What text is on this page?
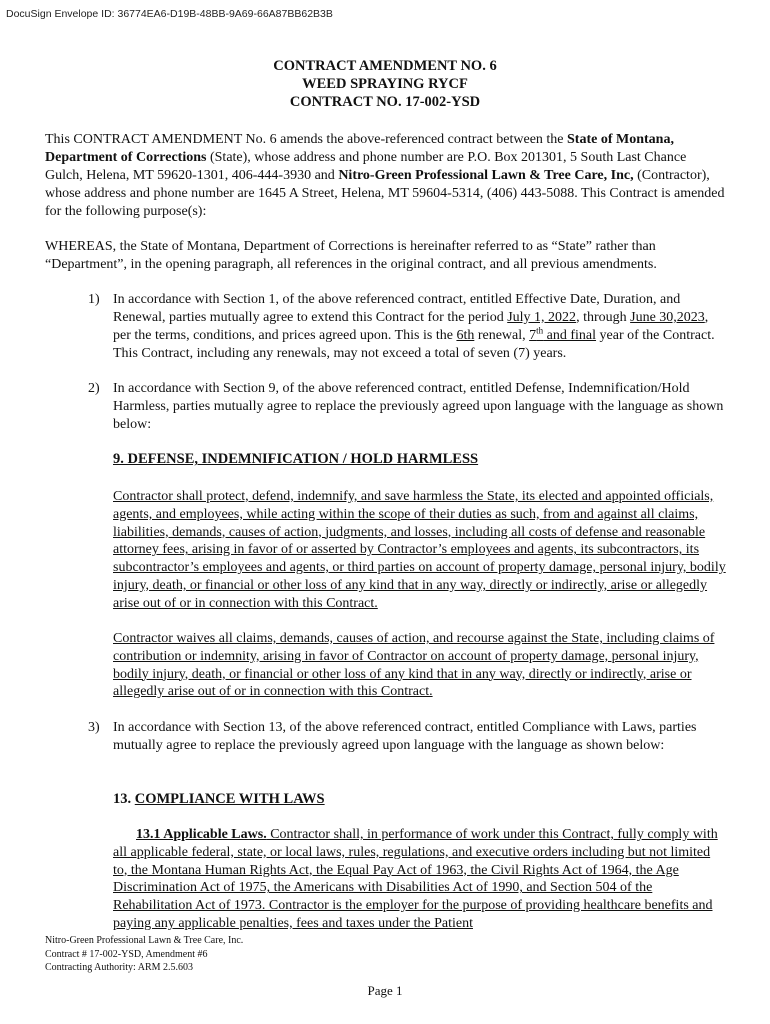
DocuSign Envelope ID: 36774EA6-D19B-48BB-9A69-66A87BB62B3B
CONTRACT AMENDMENT NO. 6
WEED SPRAYING RYCF
CONTRACT NO. 17-002-YSD
This CONTRACT AMENDMENT No. 6 amends the above-referenced contract between the State of Montana, Department of Corrections (State), whose address and phone number are P.O. Box 201301, 5 South Last Chance Gulch, Helena, MT 59620-1301, 406-444-3930 and Nitro-Green Professional Lawn & Tree Care, Inc, (Contractor), whose address and phone number are 1645 A Street, Helena, MT 59604-5314, (406) 443-5088. This Contract is amended for the following purpose(s):
WHEREAS, the State of Montana, Department of Corrections is hereinafter referred to as “State” rather than “Department”, in the opening paragraph, all references in the original contract, and all previous amendments.
1) In accordance with Section 1, of the above referenced contract, entitled Effective Date, Duration, and Renewal, parties mutually agree to extend this Contract for the period July 1, 2022, through June 30,2023, per the terms, conditions, and prices agreed upon. This is the 6th renewal, 7th and final year of the Contract. This Contract, including any renewals, may not exceed a total of seven (7) years.
2) In accordance with Section 9, of the above referenced contract, entitled Defense, Indemnification/Hold Harmless, parties mutually agree to replace the previously agreed upon language with the language as shown below:
9. DEFENSE, INDEMNIFICATION / HOLD HARMLESS
Contractor shall protect, defend, indemnify, and save harmless the State, its elected and appointed officials, agents, and employees, while acting within the scope of their duties as such, from and against all claims, liabilities, demands, causes of action, judgments, and losses, including all costs of defense and reasonable attorney fees, arising in favor of or asserted by Contractor’s employees and agents, its subcontractors, its subcontractor’s employees and agents, or third parties on account of property damage, personal injury, bodily injury, death, or financial or other loss of any kind that in any way, directly or indirectly, arise or allegedly arise out of or in connection with this Contract.
Contractor waives all claims, demands, causes of action, and recourse against the State, including claims of contribution or indemnity, arising in favor of Contractor on account of property damage, personal injury, bodily injury, death, or financial or other loss of any kind that in any way, directly or indirectly, arise or allegedly arise out of or in connection with this Contract.
3) In accordance with Section 13, of the above referenced contract, entitled Compliance with Laws, parties mutually agree to replace the previously agreed upon language with the language as shown below:
13. COMPLIANCE WITH LAWS
13.1 Applicable Laws. Contractor shall, in performance of work under this Contract, fully comply with all applicable federal, state, or local laws, rules, regulations, and executive orders including but not limited to, the Montana Human Rights Act, the Equal Pay Act of 1963, the Civil Rights Act of 1964, the Age Discrimination Act of 1975, the Americans with Disabilities Act of 1990, and Section 504 of the Rehabilitation Act of 1973. Contractor is the employer for the purpose of providing healthcare benefits and paying any applicable penalties, fees and taxes under the Patient
Nitro-Green Professional Lawn & Tree Care, Inc.
Contract # 17-002-YSD, Amendment #6
Contracting Authority: ARM 2.5.603
Page 1
